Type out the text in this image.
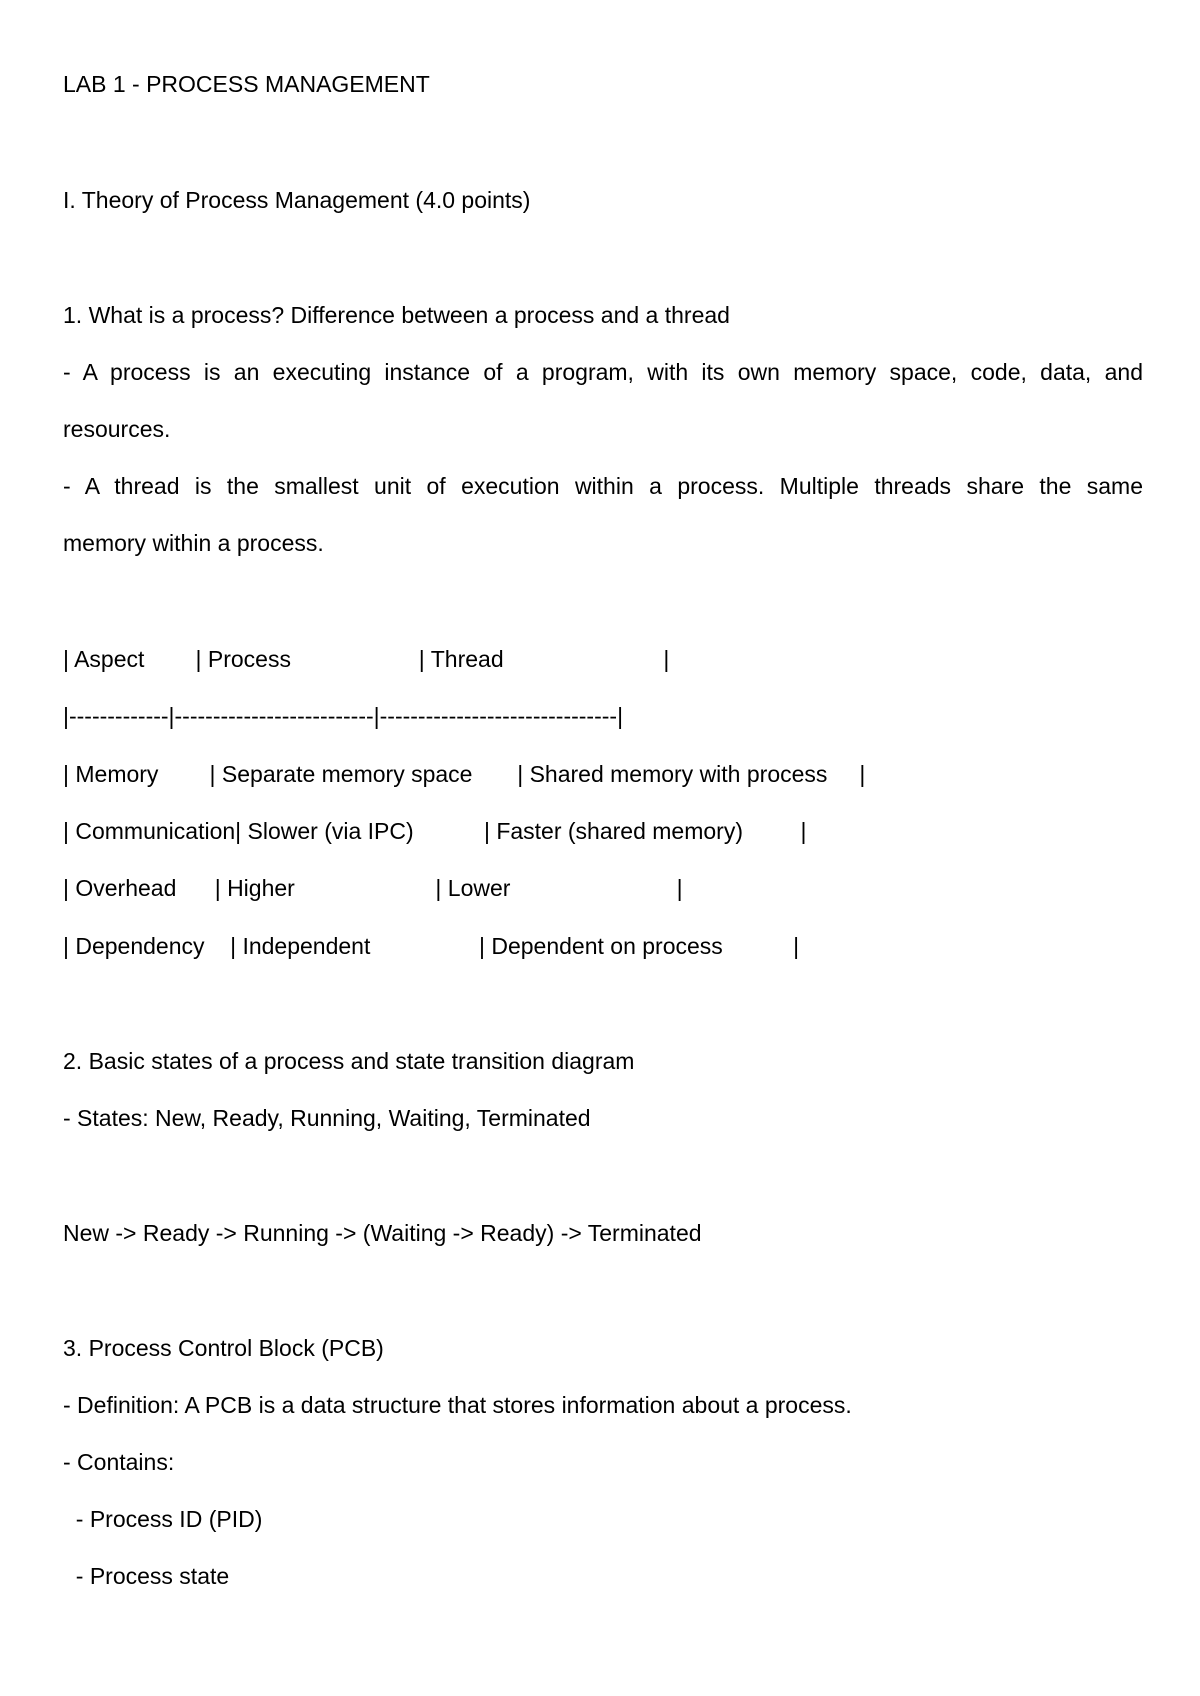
LAB 1 - PROCESS MANAGEMENT
I. Theory of Process Management (4.0 points)
1. What is a process? Difference between a process and a thread
- A process is an executing instance of a program, with its own memory space, code, data, and
resources.
- A thread is the smallest unit of execution within a process. Multiple threads share the same
memory within a process.
| Aspect        | Process                    | Thread                         |
|-------------|--------------------------|-------------------------------|
| Memory        | Separate memory space       | Shared memory with process     |
| Communication| Slower (via IPC)           | Faster (shared memory)         |
| Overhead      | Higher                      | Lower                          |
| Dependency    | Independent                 | Dependent on process           |
2. Basic states of a process and state transition diagram
- States: New, Ready, Running, Waiting, Terminated
New -> Ready -> Running -> (Waiting -> Ready) -> Terminated
3. Process Control Block (PCB)
- Definition: A PCB is a data structure that stores information about a process.
- Contains:
- Process ID (PID)
- Process state
